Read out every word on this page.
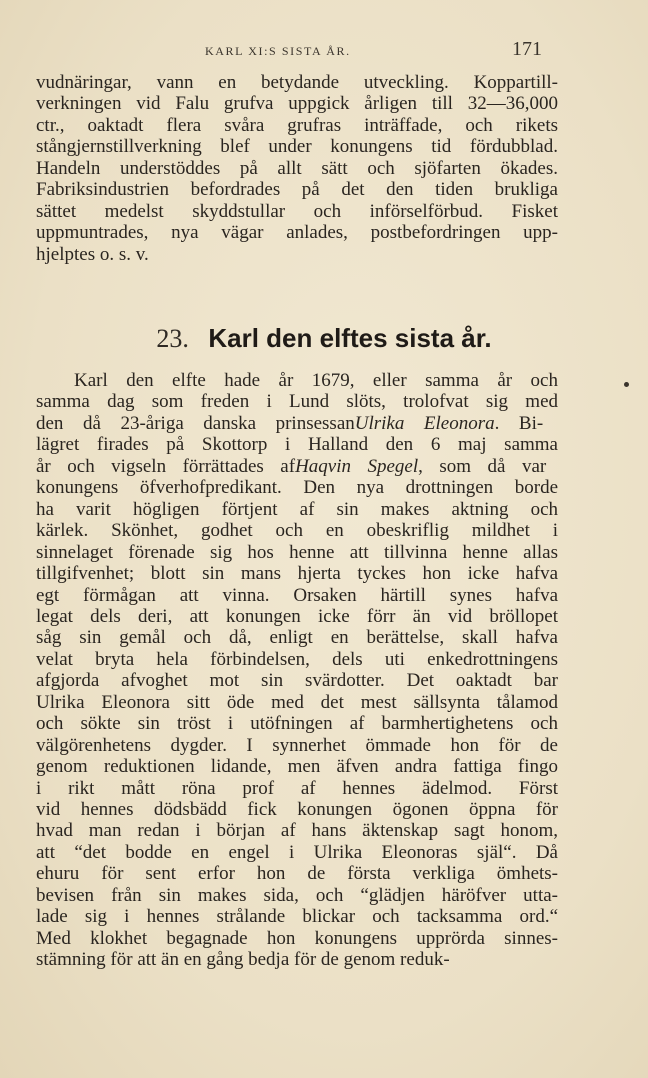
KARL XI:S SISTA ÅR.	171
vudnäringar, vann en betydande utveckling. Koppartill-
verkningen vid Falu grufva uppgick årligen till 32—36,000
ctr., oaktadt flera svåra grufras inträffade, och rikets
stångjernstillverkning blef under konungens tid fördubblad.
Handeln understöddes på allt sätt och sjöfarten ökades.
Fabriksindustrien befordrades på det den tiden brukliga
sättet medelst skyddstullar och införselförbud. Fisket
uppmuntrades, nya vägar anlades, postbefordringen upp-
hjelptes o. s. v.
23. Karl den elftes sista år.
Karl den elfte hade år 1679, eller samma år och
samma dag som freden i Lund slöts, trolofvat sig med
den då 23-åriga danska prinsessanUlrika Eleonora. Bi-
lägret firades på Skottorp i Halland den 6 maj samma
år och vigseln förrättades afHaqvin Spegel, som då var
konungens öfverhofpredikant. Den nya drottningen borde
ha varit högligen förtjent af sin makes aktning och
kärlek. Skönhet, godhet och en obeskriflig mildhet i
sinnelaget förenade sig hos henne att tillvinna henne allas
tillgifvenhet; blott sin mans hjerta tyckes hon icke hafva
egt förmågan att vinna. Orsaken härtill synes hafva
legat dels deri, att konungen icke förr än vid bröllopet
såg sin gemål och då, enligt en berättelse, skall hafva
velat bryta hela förbindelsen, dels uti enkedrottningens
afgjorda afvoghet mot sin svärdotter. Det oaktadt bar
Ulrika Eleonora sitt öde med det mest sällsynta tålamod
och sökte sin tröst i utöfningen af barmhertighetens och
välgörenhetens dygder. I synnerhet ömmade hon för de
genom reduktionen lidande, men äfven andra fattiga fingo
i rikt mått röna prof af hennes ädelmod. Först
vid hennes dödsbädd fick konungen ögonen öppna för
hvad man redan i början af hans äktenskap sagt honom,
att “det bodde en engel i Ulrika Eleonoras själ“. Då
ehuru för sent erfor hon de första verkliga ömhets-
bevisen från sin makes sida, och “glädjen häröfver utta-
lade sig i hennes strålande blickar och tacksamma ord.“
Med klokhet begagnade hon konungens upprörda sinnes-
stämning för att än en gång bedja för de genom reduk-
